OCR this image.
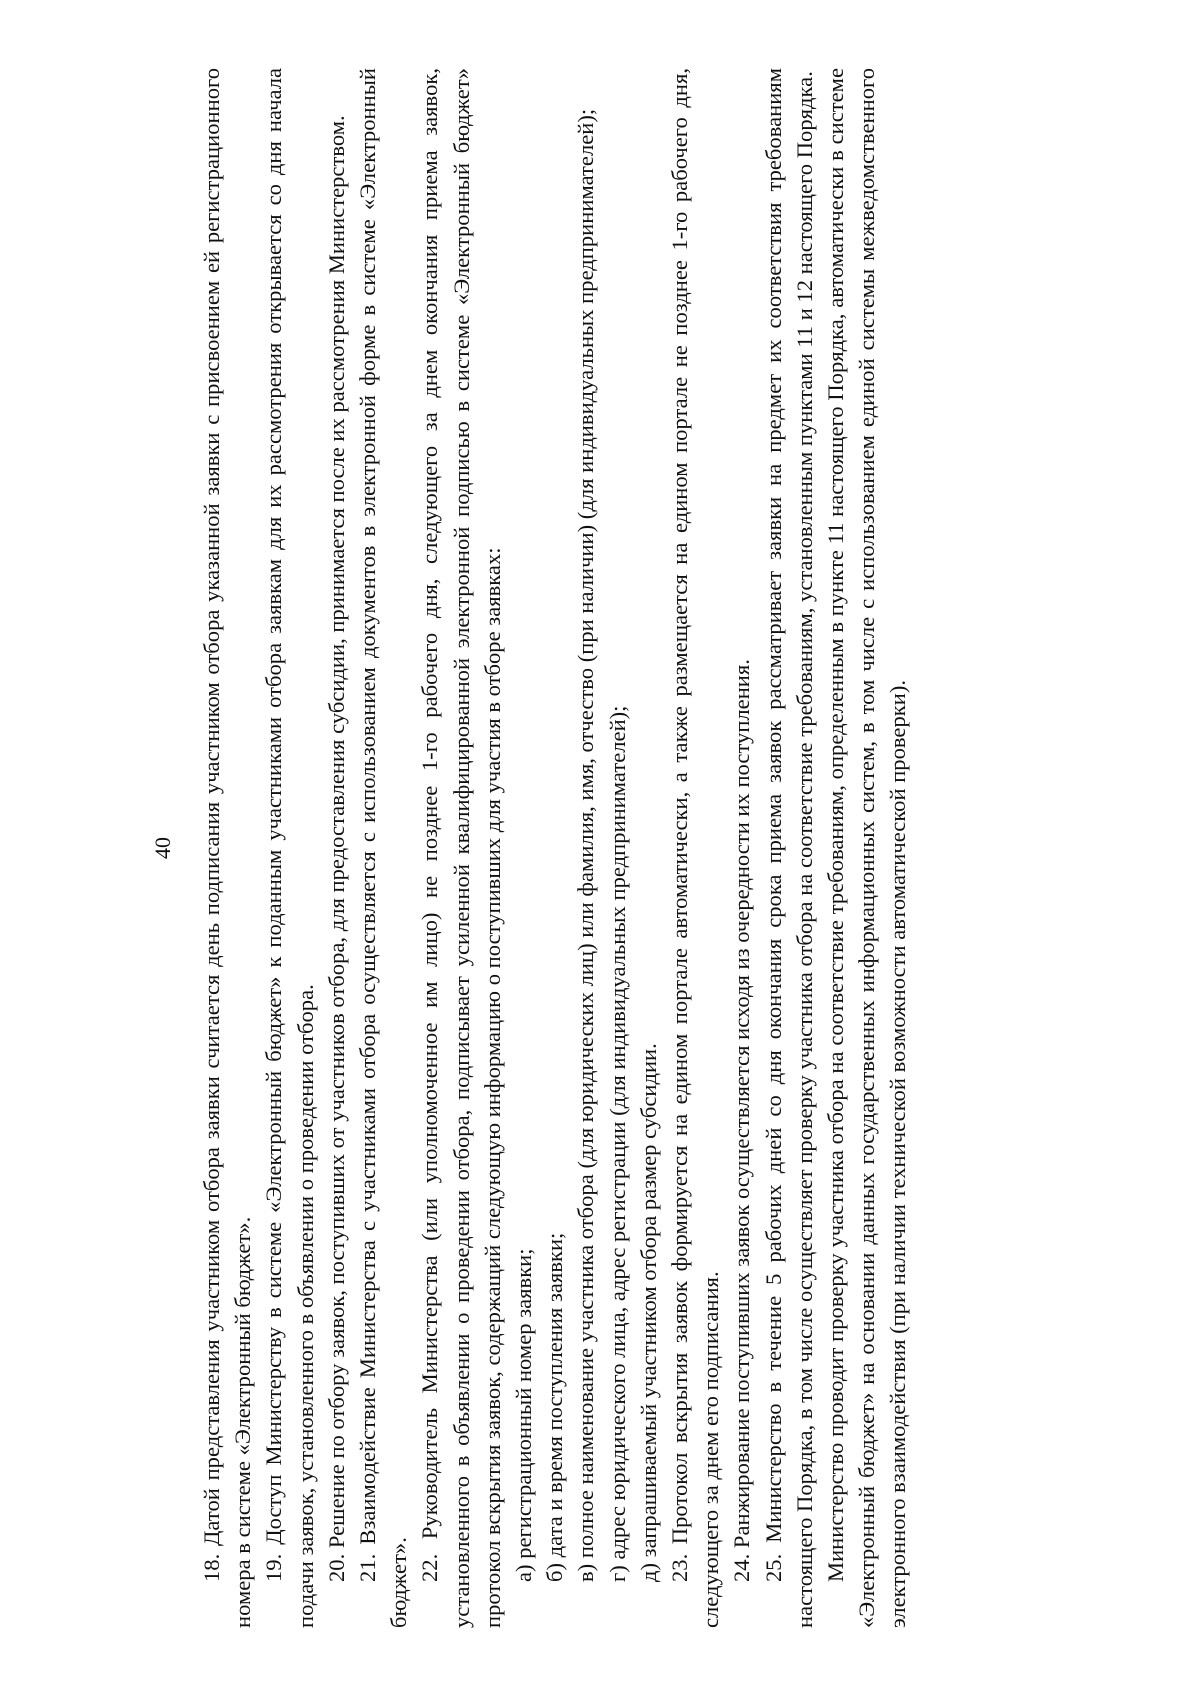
40 18. Датой представления участником отбора заявки считается день подписания участником отбора указанной заявки с присвоением ей регистрационного номера в системе «Электронный бюджет». 19. Доступ Министерству в системе «Электронный бюджет» к поданным участниками отбора заявкам для их рассмотрения открывается со дня начала подачи заявок, установленного в объявлении о проведении отбора. 20. Решение по отбору заявок, поступивших от участников отбора, для предоставления субсидии, принимается после их рассмотрения Министерством. 21. Взаимодействие Министерства с участниками отбора осуществляется с использованием документов в электронной форме в системе «Электронный бюджет».

22. Руководитель Министерства (или уполномоченное им лицо) не позднее 1-го рабочего дня, следующего за днем окончания приема заявок, установленного в объявлении о проведении отбора, подписывает усиленной квалифицированной электронной подписью в системе «Электронный бюджет» протокол вскрытия заявок, содержащий следующую информацию о поступивших для участия в отборе заявках: а) регистрационный номер заявки; б) дата и время поступления заявки; в) полное наименование участника отбора (для юридических лиц) или фамилия, имя, отчество (при наличии) (для индивидуальных предпринимателей); г) адрес юридического лица, адрес регистрации (для индивидуальных предпринимателей); д) запрашиваемый участником отбора размер субсидии. 23. Протокол вскрытия заявок формируется на едином портале автоматически, а также размещается на едином портале не позднее 1-го рабочего дня, следующего за днем его подписания. 24. Ранжирование поступивших заявок осуществляется исходя из очередности их поступления. 25. Министерство в течение 5 рабочих дней со дня окончания срока приема заявок рассматривает заявки на предмет их соответствия требованиям настоящего Порядка, в том числе осуществляет проверку участника отбора на соответствие требованиям, установленным пунктами 11 и 12 настоящего Порядка. Министерство проводит проверку участника отбора на соответствие требованиям, определенным в пункте 11 настоящего Порядка, автоматически в системе «Электронный бюджет» на основании данных государственных информационных систем, в том числе с использованием единой системы межведомственного электронного взаимодействия (при наличии технической возможности автоматической проверки).
